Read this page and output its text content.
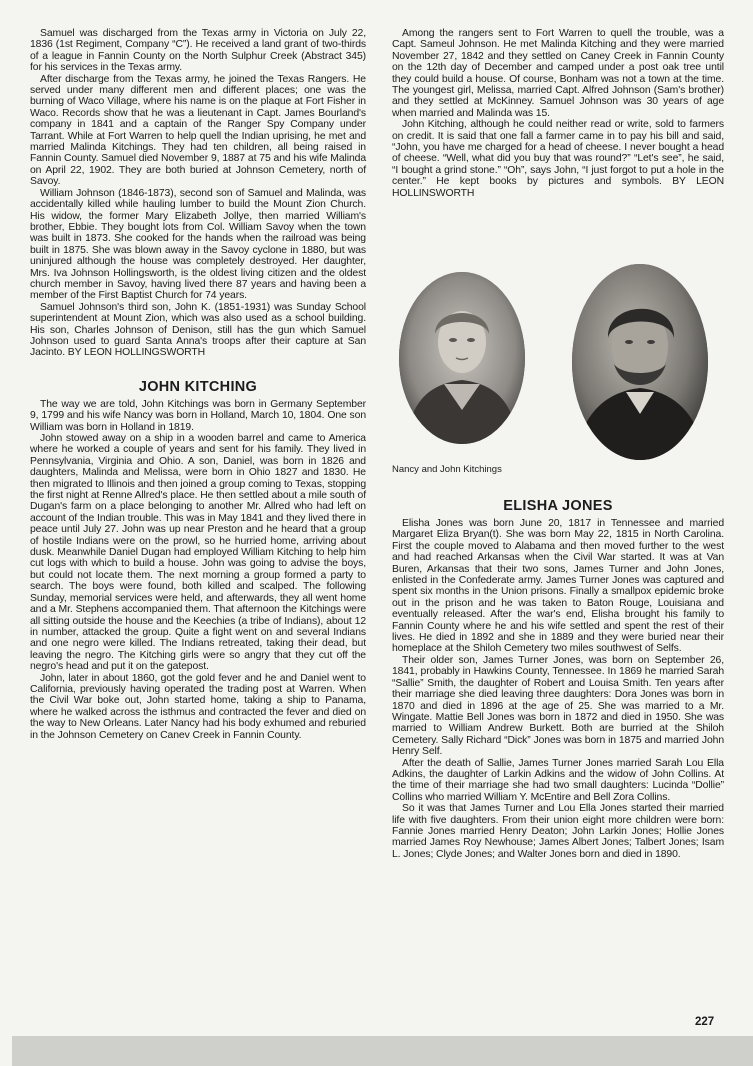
Samuel was discharged from the Texas army in Victoria on July 22, 1836 (1st Regiment, Company “C”). He received a land grant of two-thirds of a league in Fannin County on the North Sulphur Creek (Abstract 345) for his services in the Texas army.

After discharge from the Texas army, he joined the Texas Rangers. He served under many different men and different places; one was the burning of Waco Village, where his name is on the plaque at Fort Fisher in Waco. Records show that he was a lieutenant in Capt. James Bourland's company in 1841 and a captain of the Ranger Spy Company under Tarrant. While at Fort Warren to help quell the Indian uprising, he met and married Malinda Kitchings. They had ten children, all being raised in Fannin County. Samuel died November 9, 1887 at 75 and his wife Malinda on April 22, 1902. They are both buried at Johnson Cemetery, north of Savoy.

William Johnson (1846-1873), second son of Samuel and Malinda, was accidentally killed while hauling lumber to build the Mount Zion Church. His widow, the former Mary Elizabeth Jollye, then married William's brother, Ebbie. They bought lots from Col. William Savoy when the town was built in 1873. She cooked for the hands when the railroad was being built in 1875. She was blown away in the Savoy cyclone in 1880, but was uninjured although the house was completely destroyed. Her daughter, Mrs. Iva Johnson Hollingsworth, is the oldest living citizen and the oldest church member in Savoy, having lived there 87 years and having been a member of the First Baptist Church for 74 years.

Samuel Johnson's third son, John K. (1851-1931) was Sunday School superintendent at Mount Zion, which was also used as a school building. His son, Charles Johnson of Denison, still has the gun which Samuel Johnson used to guard Santa Anna's troops after their capture at San Jacinto. BY LEON HOLLINGSWORTH

JOHN KITCHING

The way we are told, John Kitchings was born in Germany September 9, 1799 and his wife Nancy was born in Holland, March 10, 1804. One son William was born in Holland in 1819.

John stowed away on a ship in a wooden barrel and came to America where he worked a couple of years and sent for his family. They lived in Pennsylvania, Virginia and Ohio. A son, Daniel, was born in 1826 and daughters, Malinda and Melissa, were born in Ohio 1827 and 1830. He then migrated to Illinois and then joined a group coming to Texas, stopping the first night at Renne Allred's place. He then settled about a mile south of Dugan's farm on a place belonging to another Mr. Allred who had left on account of the Indian trouble. This was in May 1841 and they lived there in peace until July 27. John was up near Preston and he heard that a group of hostile Indians were on the prowl, so he hurried home, arriving about dusk. Meanwhile Daniel Dugan had employed William Kitching to help him cut logs with which to build a house. John was going to advise the boys, but could not locate them. The next morning a group formed a party to search. The boys were found, both killed and scalped. The following Sunday, memorial services were held, and afterwards, they all went home and a Mr. Stephens accompanied them. That afternoon the Kitchings were all sitting outside the house and the Keechies (a tribe of Indians), about 12 in number, attacked the group. Quite a fight went on and several Indians and one negro were killed. The Indians retreated, taking their dead, but leaving the negro. The Kitching girls were so angry that they cut off the negro's head and put it on the gatepost.

John, later in about 1860, got the gold fever and he and Daniel went to California, previously having operated the trading post at Warren. When the Civil War boke out, John started home, taking a ship to Panama, where he walked across the isthmus and contracted the fever and died on the way to New Orleans. Later Nancy had his body exhumed and reburied in the Johnson Cemetery on Canev Creek in Fannin County.

Among the rangers sent to Fort Warren to quell the trouble, was a Capt. Sameul Johnson. He met Malinda Kitching and they were married November 27, 1842 and they settled on Caney Creek in Fannin County on the 12th day of December and camped under a post oak tree until they could build a house. Of course, Bonham was not a town at the time. The youngest girl, Melissa, married Capt. Alfred Johnson (Sam's brother) and they settled at McKinney. Samuel Johnson was 30 years of age when married and Malinda was 15.

John Kitching, although he could neither read or write, sold to farmers on credit. It is said that one fall a farmer came in to pay his bill and said, “John, you have me charged for a head of cheese. I never bought a head of cheese. “Well, what did you buy that was round?” “Let's see”, he said, “I bought a grind stone.” “Oh”, says John, “I just forgot to put a hole in the center.” He kept books by pictures and symbols. BY LEON HOLLINSWORTH

Nancy and John Kitchings
ELISHA JONES

Elisha Jones was born June 20, 1817 in Tennessee and married Margaret Eliza Bryan(t). She was born May 22, 1815 in North Carolina. First the couple moved to Alabama and then moved further to the west and had reached Arkansas when the Civil War started. It was at Van Buren, Arkansas that their two sons, James Turner and John Jones, enlisted in the Confederate army. James Turner Jones was captured and spent six months in the Union prisons. Finally a smallpox epidemic broke out in the prison and he was taken to Baton Rouge, Louisiana and eventually released. After the war's end, Elisha brought his family to Fannin County where he and his wife settled and spent the rest of their lives. He died in 1892 and she in 1889 and they were buried near their homeplace at the Shiloh Cemetery two miles southwest of Selfs.

Their older son, James Turner Jones, was born on September 26, 1841, probably in Hawkins County, Tennessee. In 1869 he married Sarah “Sallie” Smith, the daughter of Robert and Louisa Smith. Ten years after their marriage she died leaving three daughters: Dora Jones was born in 1870 and died in 1896 at the age of 25. She was married to a Mr. Wingate. Mattie Bell Jones was born in 1872 and died in 1950. She was married to William Andrew Burkett. Both are burried at the Shiloh Cemetery. Sally Richard “Dick” Jones was born in 1875 and married John Henry Self.

After the death of Sallie, James Turner Jones married Sarah Lou Ella Adkins, the daughter of Larkin Adkins and the widow of John Collins. At the time of their marriage she had two small daughters: Lucinda “Dollie” Collins who married William Y. McEntire and Bell Zora Collins.

So it was that James Turner and Lou Ella Jones started their married life with five daughters. From their union eight more children were born: Fannie Jones married Henry Deaton; John Larkin Jones; Hollie Jones married James Roy Newhouse; James Albert Jones; Talbert Jones; Isam L. Jones; Clyde Jones; and Walter Jones born and died in 1890.

227
